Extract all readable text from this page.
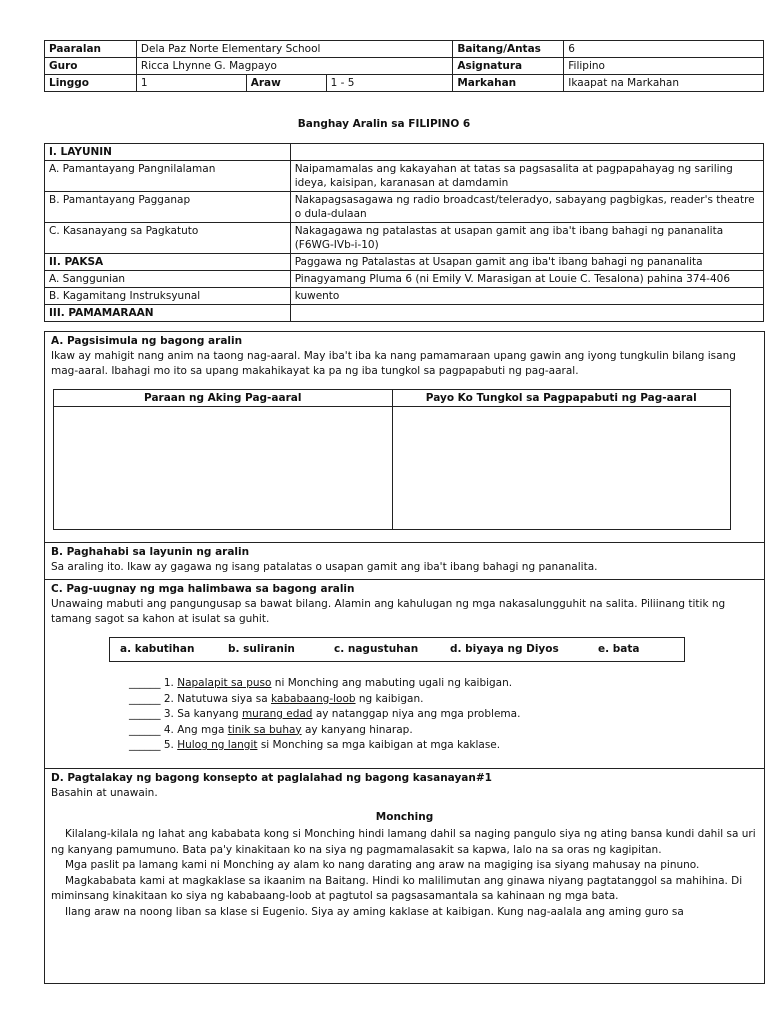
Paaralan	Dela Paz Norte Elementary School			Baitang/Antas	6
Guro	Ricca Lhynne G. Magpayo			Asignatura	Filipino
Linggo	1	Araw	1 - 5	Markahan	Ikaapat na Markahan
Banghay Aralin sa FILIPINO 6
I. LAYUNIN	
A. Pamantayang Pangnilalaman	Naipamamalas ang kakayahan at tatas sa pagsasalita at pagpapahayag ng sariling ideya, kaisipan, karanasan at damdamin
B. Pamantayang Pagganap	Nakapagsasagawa ng radio broadcast/teleradyo, sabayang pagbigkas, reader's theatre o dula-dulaan
C. Kasanayang sa Pagkatuto	Nakagagawa ng patalastas at usapan gamit ang iba't ibang bahagi ng pananalita (F6WG-IVb-i-10)
II. PAKSA	Paggawa ng Patalastas at Usapan gamit ang iba't ibang bahagi ng pananalita
A. Sanggunian	Pinagyamang Pluma 6 (ni Emily V. Marasigan at Louie C. Tesalona) pahina 374-406
B. Kagamitang Instruksyunal	kuwento
III. PAMAMARAAN	
A. Pagsisimula ng bagong aralin
Ikaw ay mahigit nang anim na taong nag-aaral. May iba't iba ka nang pamamaraan upang gawin ang iyong tungkulin bilang isang mag-aaral. Ibahagi mo ito sa upang makahikayat ka pa ng iba tungkol sa pagpapabuti ng pag-aaral.
Paraan ng Aking Pag-aaral	Payo Ko Tungkol sa Pagpapabuti ng Pag-aaral

B. Paghahabi sa layunin ng aralin
Sa araling ito. Ikaw ay gagawa ng isang patalatas o usapan gamit ang iba't ibang bahagi ng pananalita.
C. Pag-uugnay ng mga halimbawa sa bagong aralin
Unawaing mabuti ang pangungusap sa bawat bilang. Alamin ang kahulugan ng mga nakasalungguhit na salita. Piliinang titik ng tamang sagot sa kahon at isulat sa guhit.
a. kabutihan	b. suliranin	c. nagustuhan	d. biyaya ng Diyos	e. bata
______ 1. Napalapit sa puso ni Monching ang mabuting ugali ng kaibigan.
______ 2. Natutuwa siya sa kababaang-loob ng kaibigan.
______ 3. Sa kanyang murang edad ay natanggap niya ang mga problema.
______ 4. Ang mga tinik sa buhay ay kanyang hinarap.
______ 5. Hulog ng langit si Monching sa mga kaibigan at mga kaklase.
D. Pagtalakay ng bagong konsepto at paglalahad ng bagong kasanayan#1
Basahin at unawain.
Monching

Kilalang-kilala ng lahat ang kababata kong si Monching hindi lamang dahil sa naging pangulo siya ng ating bansa kundi dahil sa uri ng kanyang pamumuno. Bata pa'y kinakitaan ko na siya ng pagmamalasakit sa kapwa, lalo na sa oras ng kagipitan.

Mga paslit pa lamang kami ni Monching ay alam ko nang darating ang araw na magiging isa siyang mahusay na pinuno.

Magkababata kami at magkaklase sa ikaanim na Baitang. Hindi ko malilimutan ang ginawa niyang pagtatanggol sa mahihina. Di miminsang kinakitaan ko siya ng kababaang-loob at pagtutol sa pagsasamantala sa kahinaan ng mga bata.

Ilang araw na noong liban sa klase si Eugenio. Siya ay aming kaklase at kaibigan. Kung nag-aalala ang aming guro sa
